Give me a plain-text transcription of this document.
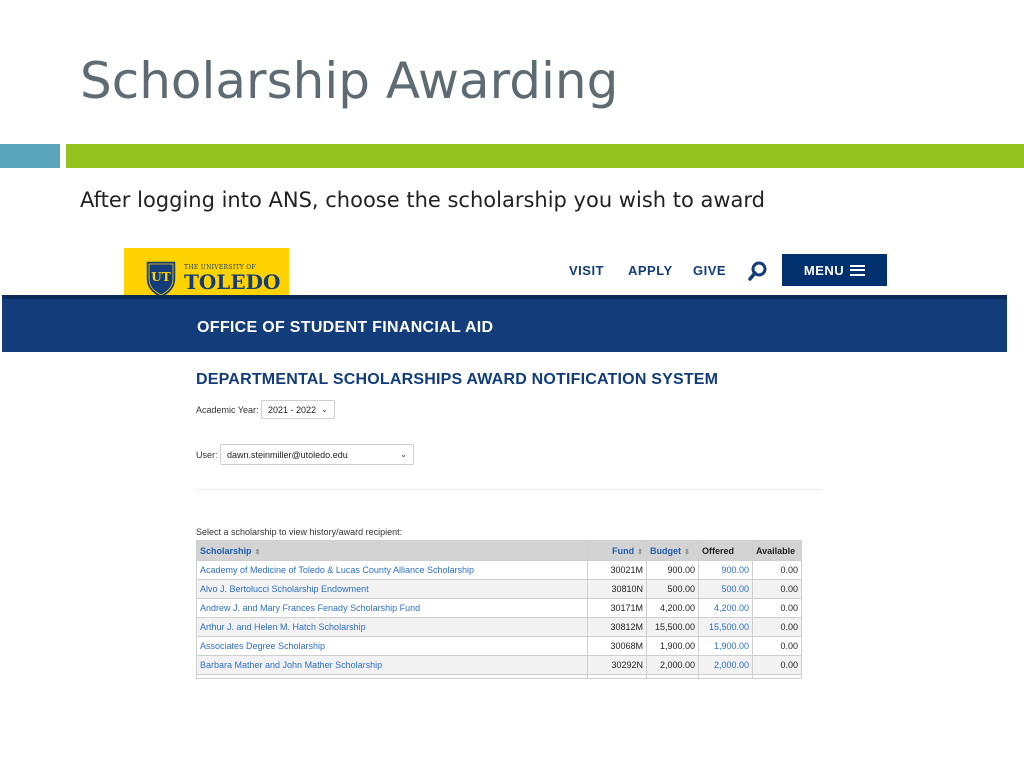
Scholarship Awarding
After logging into ANS, choose the scholarship you wish to award
UT
THE UNIVERSITY OF
TOLEDO	VISIT APPLY GIVE	MENU
OFFICE OF STUDENT FINANCIAL AID
DEPARTMENTAL SCHOLARSHIPS AWARD NOTIFICATION SYSTEM
Academic Year: 2021 - 2022 ⌄
User: dawn.steinmiller@utoledo.edu	⌄
Select a scholarship to view history/award recipient:
Scholarship ⇕	Fund ⇕	Budget ⇕	Offered	Available
Academy of Medicine of Toledo & Lucas County Alliance Scholarship	30021M	900.00	900.00	0.00
Alvo J. Bertolucci Scholarship Endowment	30810N	500.00	500.00	0.00
Andrew J. and Mary Frances Fenady Scholarship Fund	30171M	4,200.00	4,200.00	0.00
Arthur J. and Helen M. Hatch Scholarship	30812M	15,500.00	15,500.00	0.00
Associates Degree Scholarship	30068M	1,900.00	1,900.00	0.00
Barbara Mather and John Mather Scholarship	30292N	2,000.00	2,000.00	0.00
